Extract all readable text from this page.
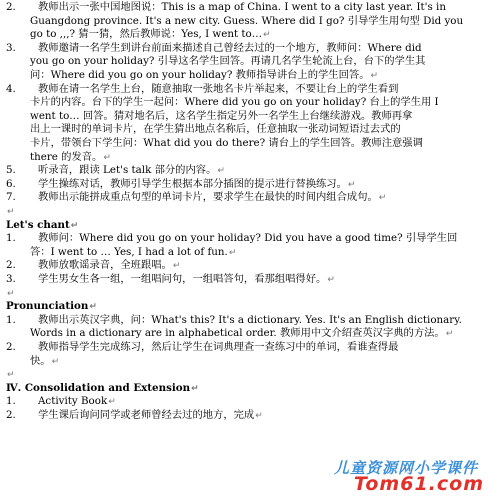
2. 教师出示一张中国地图说：This is a map of China. I went to a city last year. It's in
Guangdong province. It's a new city. Guess. Where did I go? 引导学生用句型 Did you
go to ,,,? 猜一猜，然后教师说：Yes, I went to…↵
3. 教师邀请一名学生到讲台前面来描述自己曾经去过的一个地方，教师问：Where did
you go on your holiday? 引导这名学生回答。再请几名学生轮流上台，台下的学生其
问：Where did you go on your holiday? 教师指导讲台上的学生回答。↵
4. 教师在请一名学生上台，随意抽取一张地名卡片举起来，不要让台上的学生看到
卡片的内容。台下的学生一起问：Where did you go on your holiday? 台上的学生用 I
went to… 回答。猜对地名后，这名学生指定另外一名学生上台继续游戏。教师再拿
出上一课时的单词卡片，在学生猜出地点名称后，任意抽取一张动词短语过去式的
卡片，带领台下学生问：What did you do there? 请台上的学生回答。教师注意强调
there 的发音。↵
5. 听录音，跟读 Let's talk 部分的内容。↵
6. 学生操练对话，教师引导学生根据本部分插图的提示进行替换练习。↵
7. 教师出示能拼成重点句型的单词卡片，要求学生在最快的时间内组合成句。↵
↵
Let's chant↵
1. 教师问：Where did you go on your holiday? Did you have a good time? 引导学生回
答：I went to … Yes, I had a lot of fun.↵
2. 教师放歌谣录音，全班跟唱。↵
3. 学生男女生各一组，一组唱问句，一组唱答句，看那组唱得好。↵
↵
Pronunciation↵
1. 教师出示英汉字典，问：What's this? It's a dictionary. Yes. It's an English dictionary.
Words in a dictionary are in alphabetical order. 教师用中文介绍查英汉字典的方法。↵
2. 教师指导学生完成练习，然后让学生在词典理查一查练习中的单词，看谁查得最
快。↵
↵
Ⅳ. Consolidation and Extension↵
1. Activity Book↵
2. 学生课后询问同学或老师曾经去过的地方，完成↵
儿童资源网小学课件
Tom61.com
